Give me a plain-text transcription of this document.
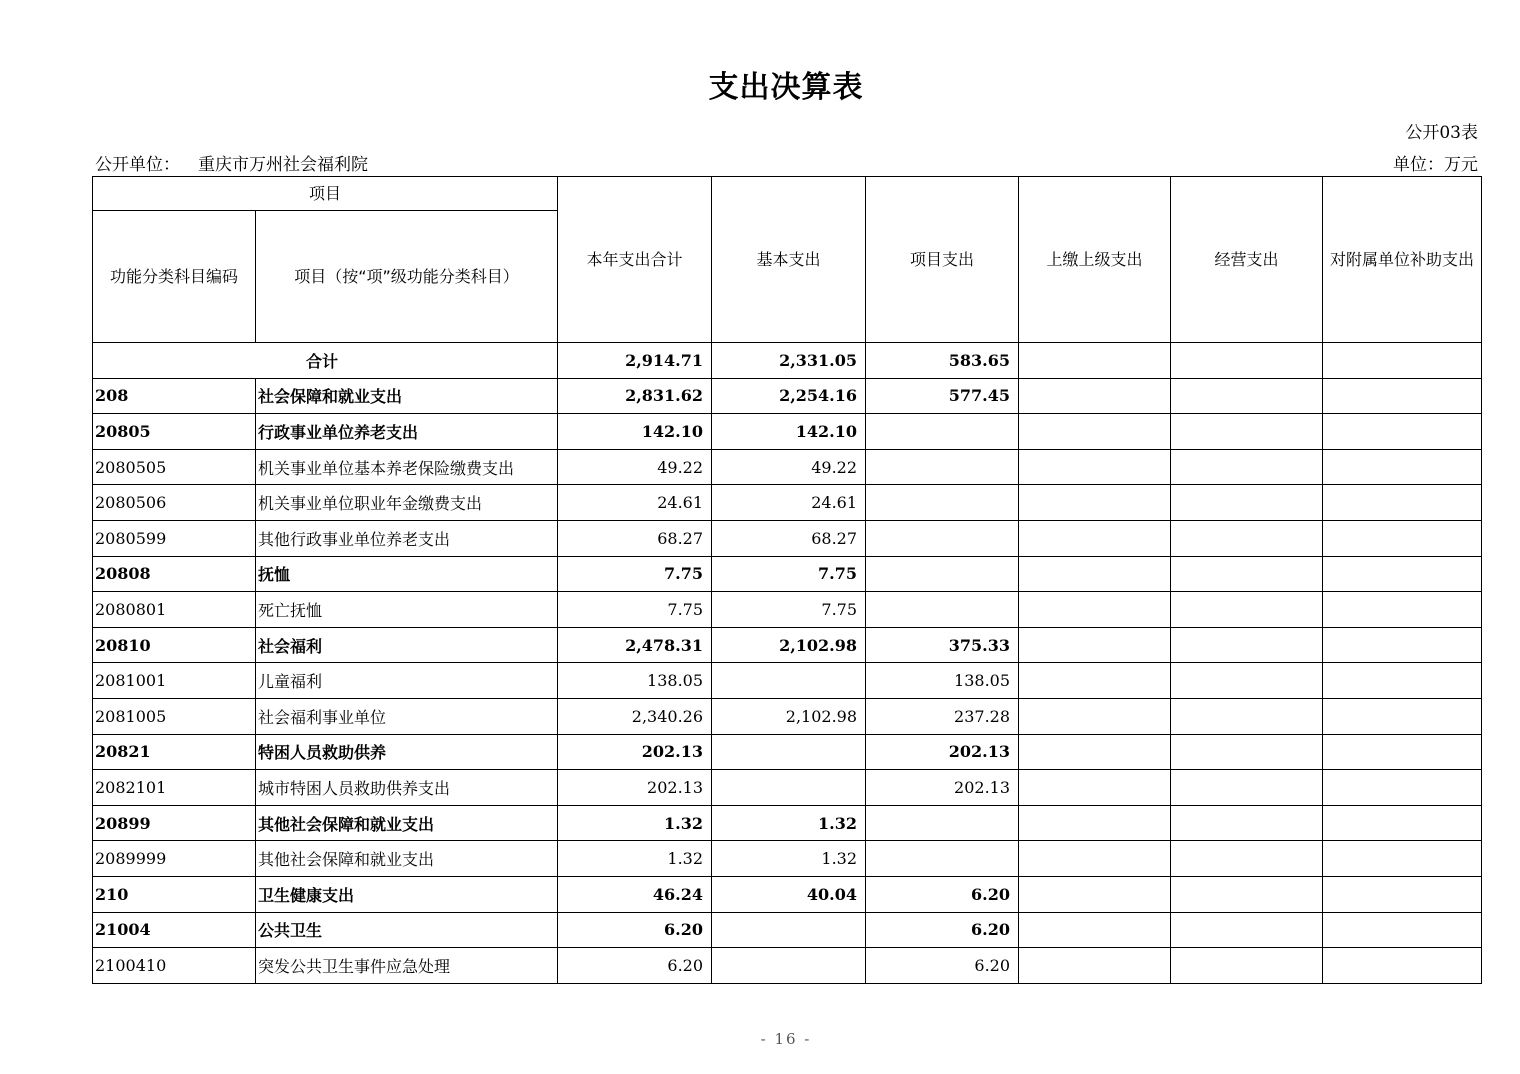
支出决算表
公开03表
公开单位： 重庆市万州社会福利院	单位：万元
项目		本年支出合计	基本支出	项目支出	上缴上级支出	经营支出	对附属单位补助支出
功能分类科目编码	项目（按“项”级功能分类科目）						
合计		2,914.71	2,331.05	583.65			
208	社会保障和就业支出	2,831.62	2,254.16	577.45			
20805	行政事业单位养老支出	142.10	142.10				
2080505	机关事业单位基本养老保险缴费支出	49.22	49.22				
2080506	机关事业单位职业年金缴费支出	24.61	24.61				
2080599	其他行政事业单位养老支出	68.27	68.27				
20808	抚恤	7.75	7.75				
2080801	死亡抚恤	7.75	7.75				
20810	社会福利	2,478.31	2,102.98	375.33			
2081001	儿童福利	138.05		138.05			
2081005	社会福利事业单位	2,340.26	2,102.98	237.28			
20821	特困人员救助供养	202.13		202.13			
2082101	城市特困人员救助供养支出	202.13		202.13			
20899	其他社会保障和就业支出	1.32	1.32				
2089999	其他社会保障和就业支出	1.32	1.32				
210	卫生健康支出	46.24	40.04	6.20			
21004	公共卫生	6.20		6.20			
2100410	突发公共卫生事件应急处理	6.20		6.20			
- 16 -
